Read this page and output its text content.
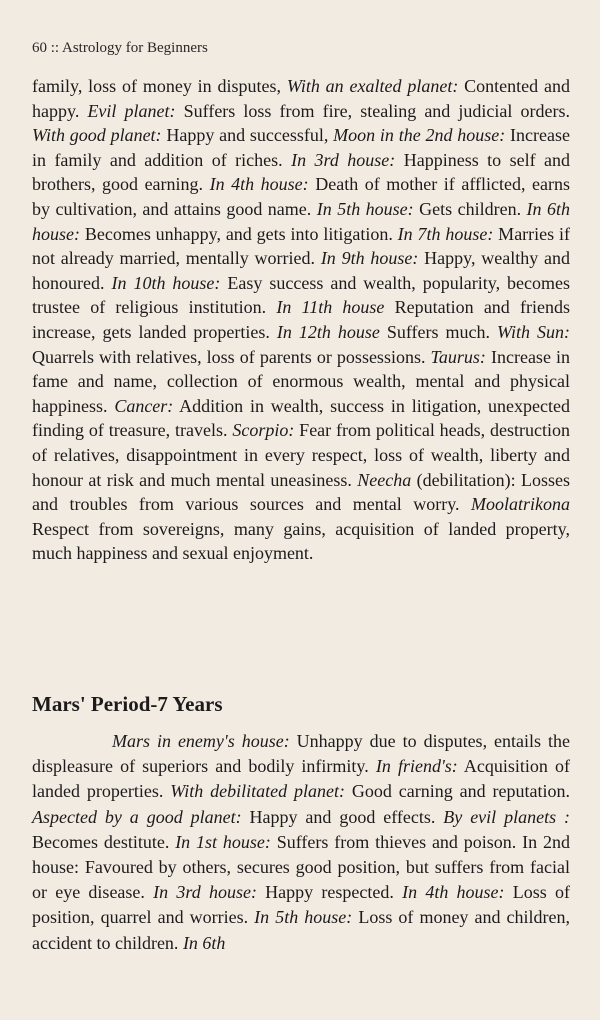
60 :: Astrology for Beginners

family, loss of money in disputes, With an exalted planet: Contented and happy. Evil planet: Suffers loss from fire, stealing and judicial orders. With good planet: Happy and successful, Moon in the 2nd house: Increase in family and addition of riches. In 3rd house: Happiness to self and brothers, good earning. In 4th house: Death of mother if afflicted, earns by cultivation, and attains good name. In 5th house: Gets children. In 6th house: Becomes unhappy, and gets into litigation. In 7th house: Marries if not already married, mentally worried. In 9th house: Happy, wealthy and honoured. In 10th house: Easy success and wealth, popularity, becomes trustee of religious institution. In 11th house Reputation and friends increase, gets landed properties. In 12th house Suffers much. With Sun: Quarrels with relatives, loss of parents or possessions. Taurus: Increase in fame and name, collection of enormous wealth, mental and physical happiness. Cancer: Addition in wealth, success in litigation, unexpected finding of treasure, travels. Scorpio: Fear from political heads, destruction of relatives, disappointment in every respect, loss of wealth, liberty and honour at risk and much mental uneasiness. Neecha (debilitation): Losses and troubles from various sources and mental worry. Moolatrikona Respect from sovereigns, many gains, acquisition of landed property, much happiness and sexual enjoyment.

Mars' Period-7 Years

Mars in enemy's house: Unhappy due to disputes, entails the displeasure of superiors and bodily infirmity. In friend's: Acquisition of landed properties. With debilitated planet: Good carning and reputation. Aspected by a good planet: Happy and good effects. By evil planets : Becomes destitute. In 1st house: Suffers from thieves and poison. In 2nd house: Favoured by others, secures good position, but suffers from facial or eye disease. In 3rd house: Happy respected. In 4th house: Loss of position, quarrel and worries. In 5th house: Loss of money and children, accident to children. In 6th
